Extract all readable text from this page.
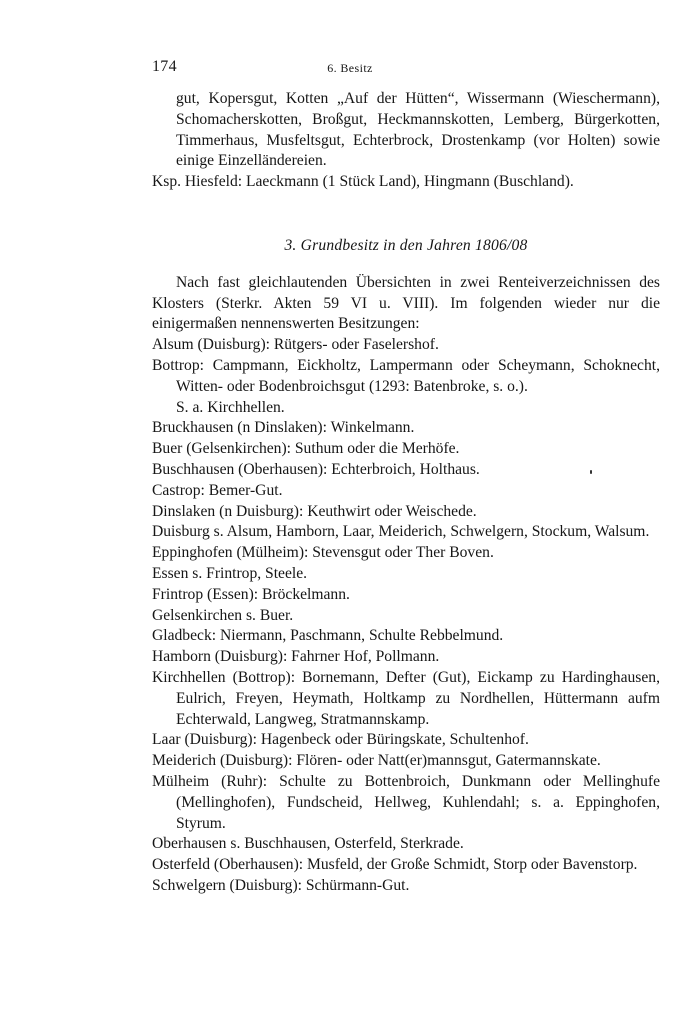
174	6. Besitz

gut, Kopersgut, Kotten „Auf der Hütten“, Wissermann (Wieschermann), Schomacherskotten, Broßgut, Heckmannskotten, Lemberg, Bürgerkotten, Timmerhaus, Musfeltsgut, Echterbrock, Drostenkamp (vor Holten) sowie einige Einzelländereien.

Ksp. Hiesfeld: Laeckmann (1 Stück Land), Hingmann (Buschland).

3. Grundbesitz in den Jahren 1806/08

Nach fast gleichlautenden Übersichten in zwei Renteiverzeichnissen des Klosters (Sterkr. Akten 59 VI u. VIII). Im folgenden wieder nur die einigermaßen nennenswerten Besitzungen:

Alsum (Duisburg): Rütgers- oder Faselershof.

Bottrop: Campmann, Eickholtz, Lampermann oder Scheymann, Schoknecht, Witten- oder Bodenbroichsgut (1293: Batenbroke, s. o.).

S. a. Kirchhellen.

Bruckhausen (n Dinslaken): Winkelmann.

Buer (Gelsenkirchen): Suthum oder die Merhöfe.

Buschhausen (Oberhausen): Echterbroich, Holthaus.

Castrop: Bemer-Gut.

Dinslaken (n Duisburg): Keuthwirt oder Weischede.

Duisburg s. Alsum, Hamborn, Laar, Meiderich, Schwelgern, Stockum, Walsum.

Eppinghofen (Mülheim): Stevensgut oder Ther Boven.

Essen s. Frintrop, Steele.

Frintrop (Essen): Bröckelmann.

Gelsenkirchen s. Buer.

Gladbeck: Niermann, Paschmann, Schulte Rebbelmund.

Hamborn (Duisburg): Fahrner Hof, Pollmann.

Kirchhellen (Bottrop): Bornemann, Defter (Gut), Eickamp zu Hardinghausen, Eulrich, Freyen, Heymath, Holtkamp zu Nordhellen, Hüttermann aufm Echterwald, Langweg, Stratmannskamp.

Laar (Duisburg): Hagenbeck oder Büringskate, Schultenhof.

Meiderich (Duisburg): Flören- oder Natt(er)mannsgut, Gatermannskate.

Mülheim (Ruhr): Schulte zu Bottenbroich, Dunkmann oder Mellinghufe (Mellinghofen), Fundscheid, Hellweg, Kuhlendahl; s. a. Eppinghofen, Styrum.

Oberhausen s. Buschhausen, Osterfeld, Sterkrade.

Osterfeld (Oberhausen): Musfeld, der Große Schmidt, Storp oder Bavenstorp.

Schwelgern (Duisburg): Schürmann-Gut.
